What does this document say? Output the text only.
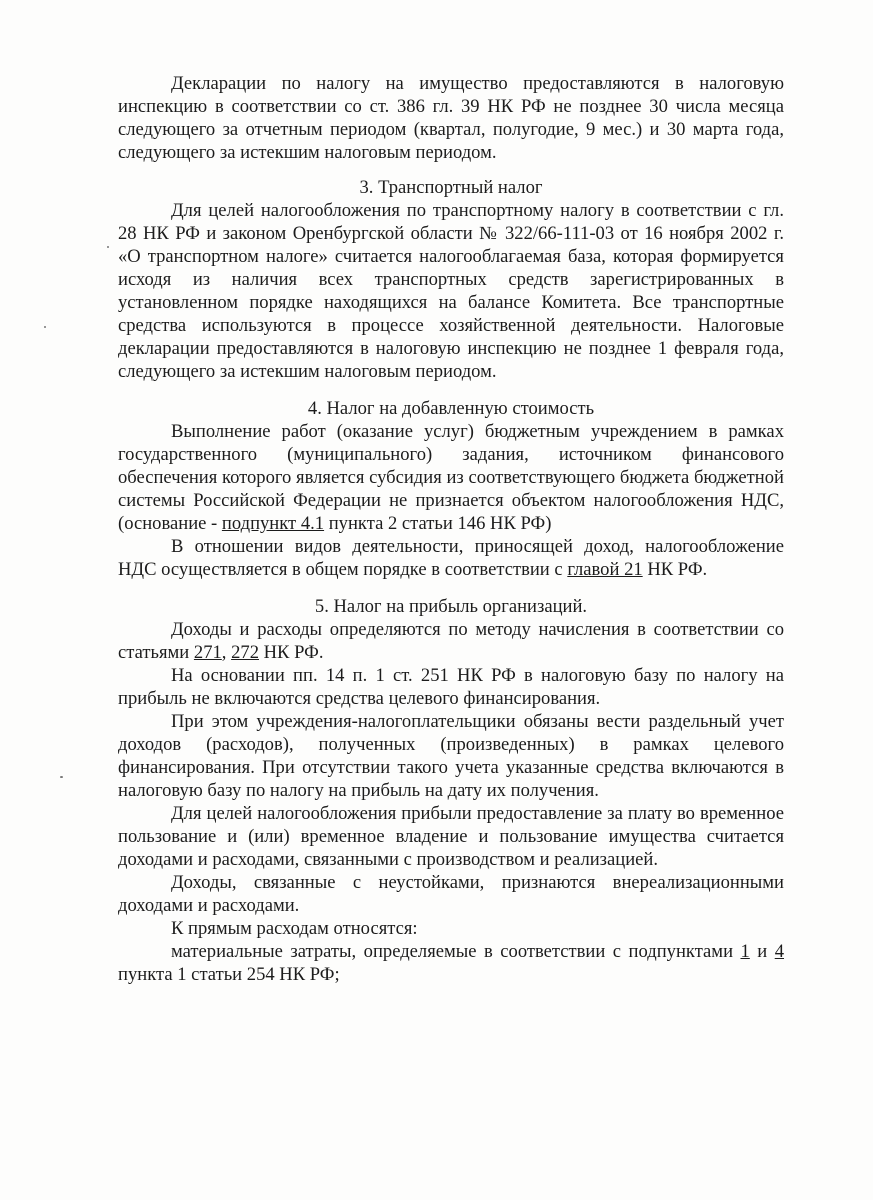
Декларации по налогу на имущество предоставляются в налоговую инспекцию в соответствии со ст. 386 гл. 39 НК РФ не позднее 30 числа месяца следующего за отчетным периодом (квартал, полугодие, 9 мес.) и 30 марта года, следующего за истекшим налоговым периодом.

3. Транспортный налог

Для целей налогообложения по транспортному налогу в соответствии с гл. 28 НК РФ и законом Оренбургской области № 322/66-111-03 от 16 ноября 2002 г. «О транспортном налоге» считается налогооблагаемая база, которая формируется исходя из наличия всех транспортных средств зарегистрированных в установленном порядке находящихся на балансе Комитета. Все транспортные средства используются в процессе хозяйственной деятельности. Налоговые декларации предоставляются в налоговую инспекцию не позднее 1 февраля года, следующего за истекшим налоговым периодом.

4. Налог на добавленную стоимость

Выполнение работ (оказание услуг) бюджетным учреждением в рамках государственного (муниципального) задания, источником финансового обеспечения которого является субсидия из соответствующего бюджета бюджетной системы Российской Федерации не признается объектом налогообложения НДС, (основание - подпункт 4.1 пункта 2 статьи 146 НК РФ)

В отношении видов деятельности, приносящей доход, налогообложение НДС осуществляется в общем порядке в соответствии с главой 21 НК РФ.

5. Налог на прибыль организаций.

Доходы и расходы определяются по методу начисления в соответствии со статьями 271, 272 НК РФ.

На основании пп. 14 п. 1 ст. 251 НК РФ в налоговую базу по налогу на прибыль не включаются средства целевого финансирования.

При этом учреждения-налогоплательщики обязаны вести раздельный учет доходов (расходов), полученных (произведенных) в рамках целевого финансирования. При отсутствии такого учета указанные средства включаются в налоговую базу по налогу на прибыль на дату их получения.

Для целей налогообложения прибыли предоставление за плату во временное пользование и (или) временное владение и пользование имущества считается доходами и расходами, связанными с производством и реализацией.

Доходы, связанные с неустойками, признаются внереализационными доходами и расходами.

К прямым расходам относятся:

материальные затраты, определяемые в соответствии с подпунктами 1 и 4 пункта 1 статьи 254 НК РФ;
